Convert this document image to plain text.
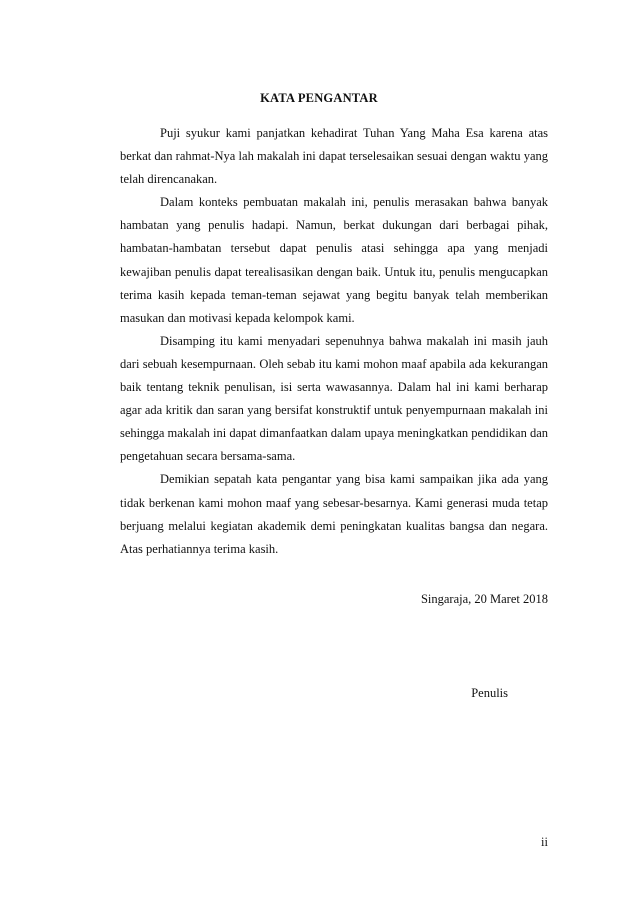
KATA PENGANTAR

Puji syukur kami panjatkan kehadirat Tuhan Yang Maha Esa karena atas berkat dan rahmat-Nya lah makalah ini dapat terselesaikan sesuai dengan waktu yang telah direncanakan.

Dalam konteks pembuatan makalah ini, penulis merasakan bahwa banyak hambatan yang penulis hadapi. Namun, berkat dukungan dari berbagai pihak, hambatan-hambatan tersebut dapat penulis atasi sehingga apa yang menjadi kewajiban penulis dapat terealisasikan dengan baik. Untuk itu, penulis mengucapkan terima kasih kepada teman-teman sejawat yang begitu banyak telah memberikan masukan dan motivasi kepada kelompok kami.

Disamping itu kami menyadari sepenuhnya bahwa makalah ini masih jauh dari sebuah kesempurnaan. Oleh sebab itu kami mohon maaf apabila ada kekurangan baik tentang teknik penulisan, isi serta wawasannya. Dalam hal ini kami berharap agar ada kritik dan saran yang bersifat konstruktif untuk penyempurnaan makalah ini sehingga makalah ini dapat dimanfaatkan dalam upaya meningkatkan pendidikan dan pengetahuan secara bersama-sama.

Demikian sepatah kata pengantar yang bisa kami sampaikan jika ada yang tidak berkenan kami mohon maaf yang sebesar-besarnya. Kami generasi muda tetap berjuang melalui kegiatan akademik demi peningkatan kualitas bangsa dan negara. Atas perhatiannya terima kasih.

Singaraja, 20 Maret 2018
Penulis
ii
